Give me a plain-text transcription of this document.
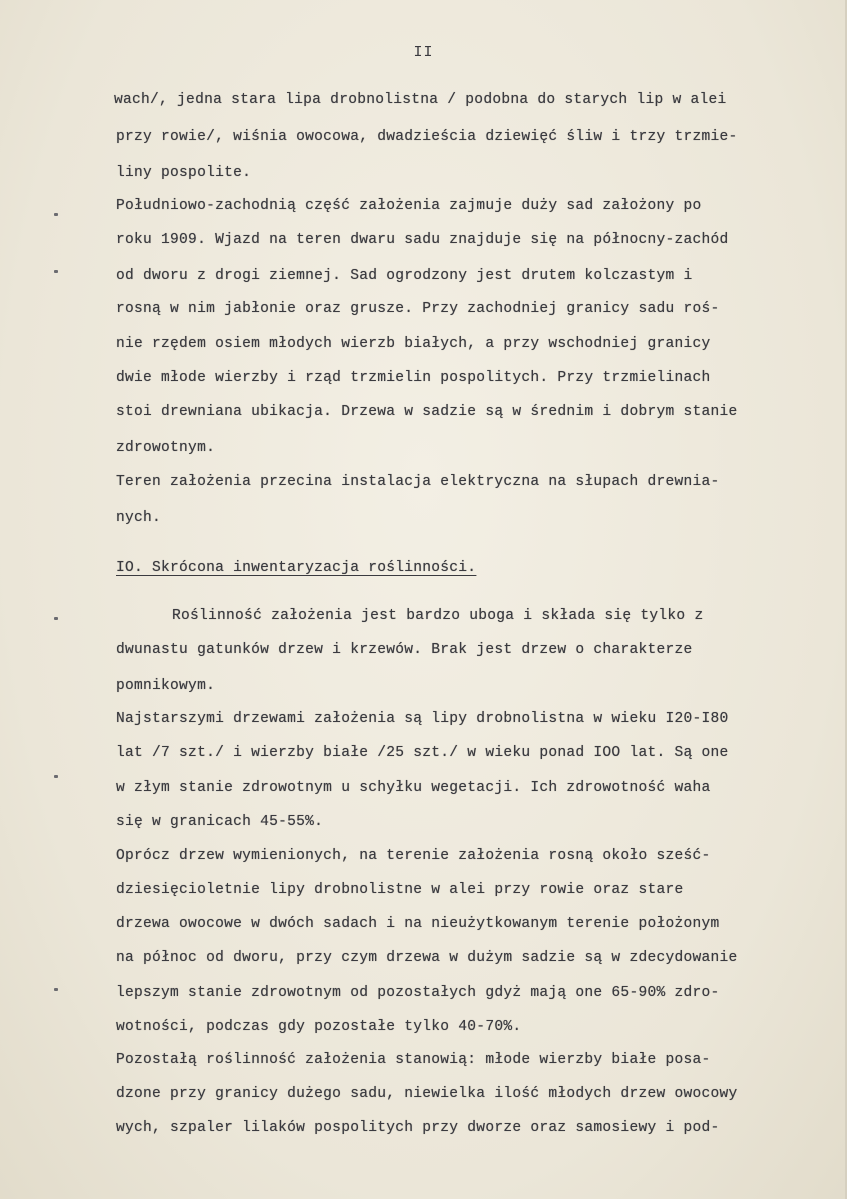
II
wach/, jedna stara lipa drobnolistna / podobna do starych lip w alei
przy rowie/, wiśnia owocowa, dwadzieścia dziewięć śliw i trzy trzmie-
liny pospolite.
Południowo-zachodnią część założenia zajmuje duży sad założony po
roku 1909. Wjazd na teren dwaru sadu znajduje się na północny-zachód
od dworu z drogi ziemnej. Sad ogrodzony jest drutem kolczastym i
rosną w nim jabłonie oraz grusze. Przy zachodniej granicy sadu roś-
nie rzędem osiem młodych wierzb białych, a przy wschodniej granicy
dwie młode wierzby i rząd trzmielin pospolitych. Przy trzmielinach
stoi drewniana ubikacja. Drzewa w sadzie są w średnim i dobrym stanie
zdrowotnym.
Teren założenia przecina instalacja elektryczna na słupach drewnia-
nych.
IO. Skrócona inwentaryzacja roślinności.
Roślinność założenia jest bardzo uboga i składa się tylko z
dwunastu gatunków drzew i krzewów. Brak jest drzew o charakterze
pomnikowym.
Najstarszymi drzewami założenia są lipy drobnolistna w wieku I20-I80
lat /7 szt./ i wierzby białe /25 szt./ w wieku ponad IOO lat. Są one
w złym stanie zdrowotnym u schyłku wegetacji. Ich zdrowotność waha
się w granicach 45-55%.
Oprócz drzew wymienionych, na terenie założenia rosną około sześć-
dziesięcioletnie lipy drobnolistne w alei przy rowie oraz stare
drzewa owocowe w dwóch sadach i na nieużytkowanym terenie położonym
na północ od dworu, przy czym drzewa w dużym sadzie są w zdecydowanie
lepszym stanie zdrowotnym od pozostałych gdyż mają one 65-90% zdro-
wotności, podczas gdy pozostałe tylko 40-70%.
Pozostałą roślinność założenia stanowią: młode wierzby białe posa-
dzone przy granicy dużego sadu, niewielka ilość młodych drzew owocowy
wych, szpaler lilaków pospolitych przy dworze oraz samosiewy i pod-
